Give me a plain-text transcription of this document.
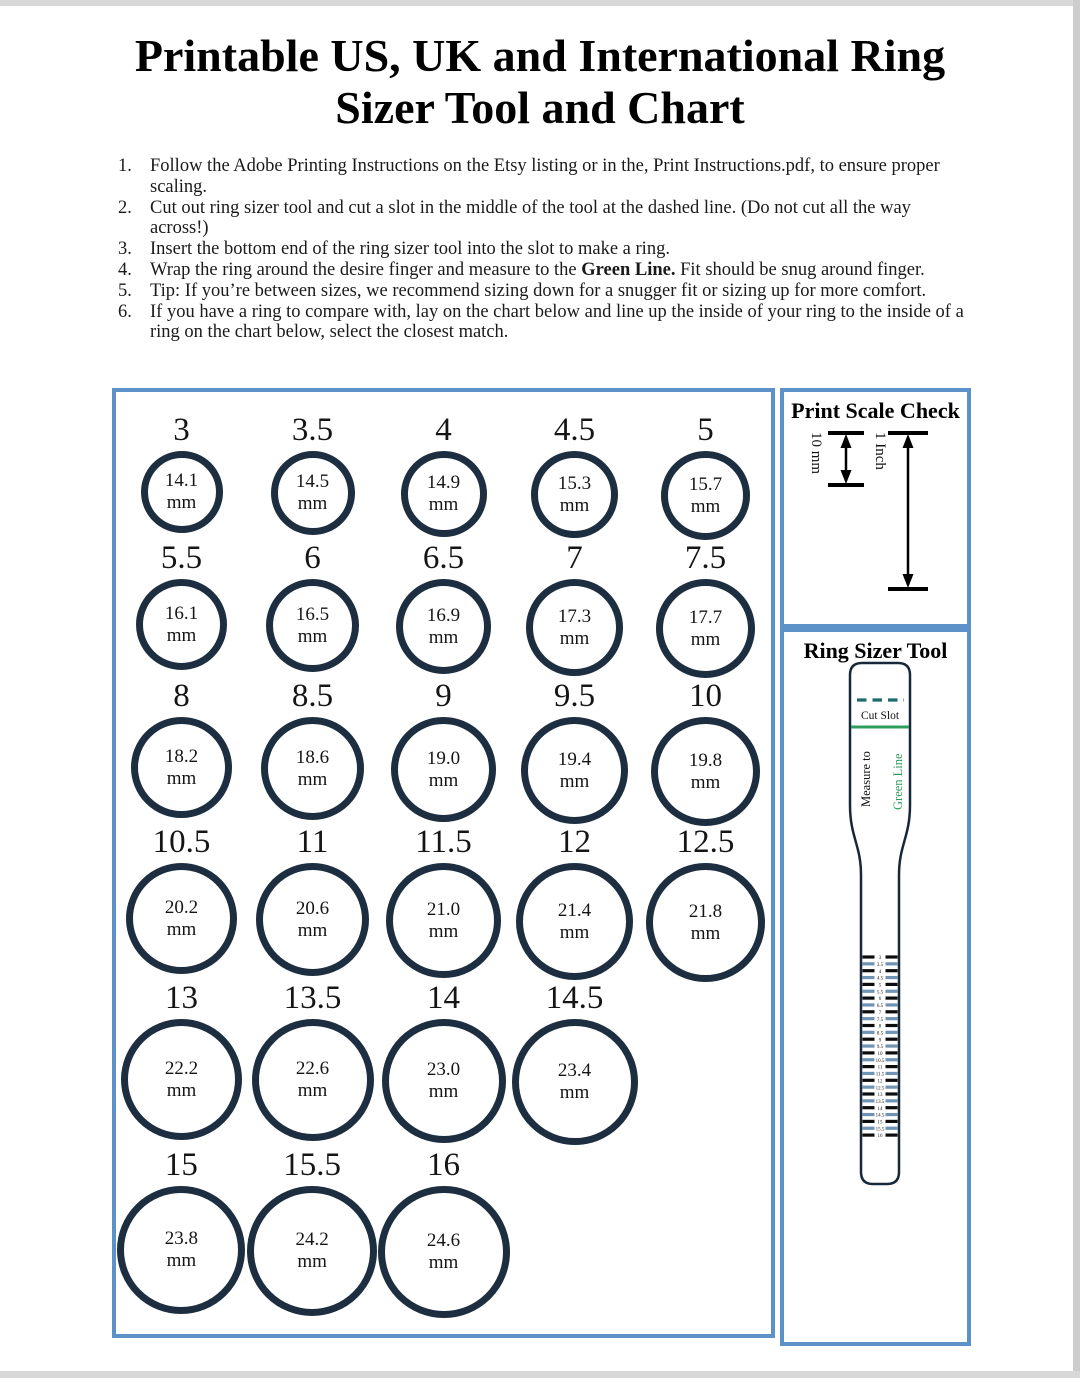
Printable US, UK and International Ring
Sizer Tool and Chart
1. Follow the Adobe Printing Instructions on the Etsy listing or in the, Print Instructions.pdf, to ensure proper scaling.
2. Cut out ring sizer tool and cut a slot in the middle of the tool at the dashed line. (Do not cut all the way across!)
3. Insert the bottom end of the ring sizer tool into the slot to make a ring.
4. Wrap the ring around the desire finger and measure to the Green Line. Fit should be snug around finger.
5. Tip: If you’re between sizes, we recommend sizing down for a snugger fit or sizing up for more comfort.
6. If you have a ring to compare with, lay on the chart below and line up the inside of your ring to the inside of a ring on the chart below, select the closest match.
3
14.1
mm
3.5
14.5
mm
4
14.9
mm
4.5
15.3
mm
5
15.7
mm
5.5
16.1
mm
6
16.5
mm
6.5
16.9
mm
7
17.3
mm
7.5
17.7
mm
8
18.2
mm
8.5
18.6
mm
9
19.0
mm
9.5
19.4
mm
10
19.8
mm
10.5
20.2
mm
11
20.6
mm
11.5
21.0
mm
12
21.4
mm
12.5
21.8
mm
13
22.2
mm
13.5
22.6
mm
14
23.0
mm
14.5
23.4
mm
15
23.8
mm
15.5
24.2
mm
16
24.6
mm
Print Scale Check
10 mm	1 Inch
Ring Sizer Tool
Cut Slot
Measure to Green Line
3
3.5
4
4.5
5
5.5
6
6.5
7
7.5
8
8.5
9
9.5
10
10.5
11
11.5
12
12.5
13
13.5
14
14.5
15
15.5
16
